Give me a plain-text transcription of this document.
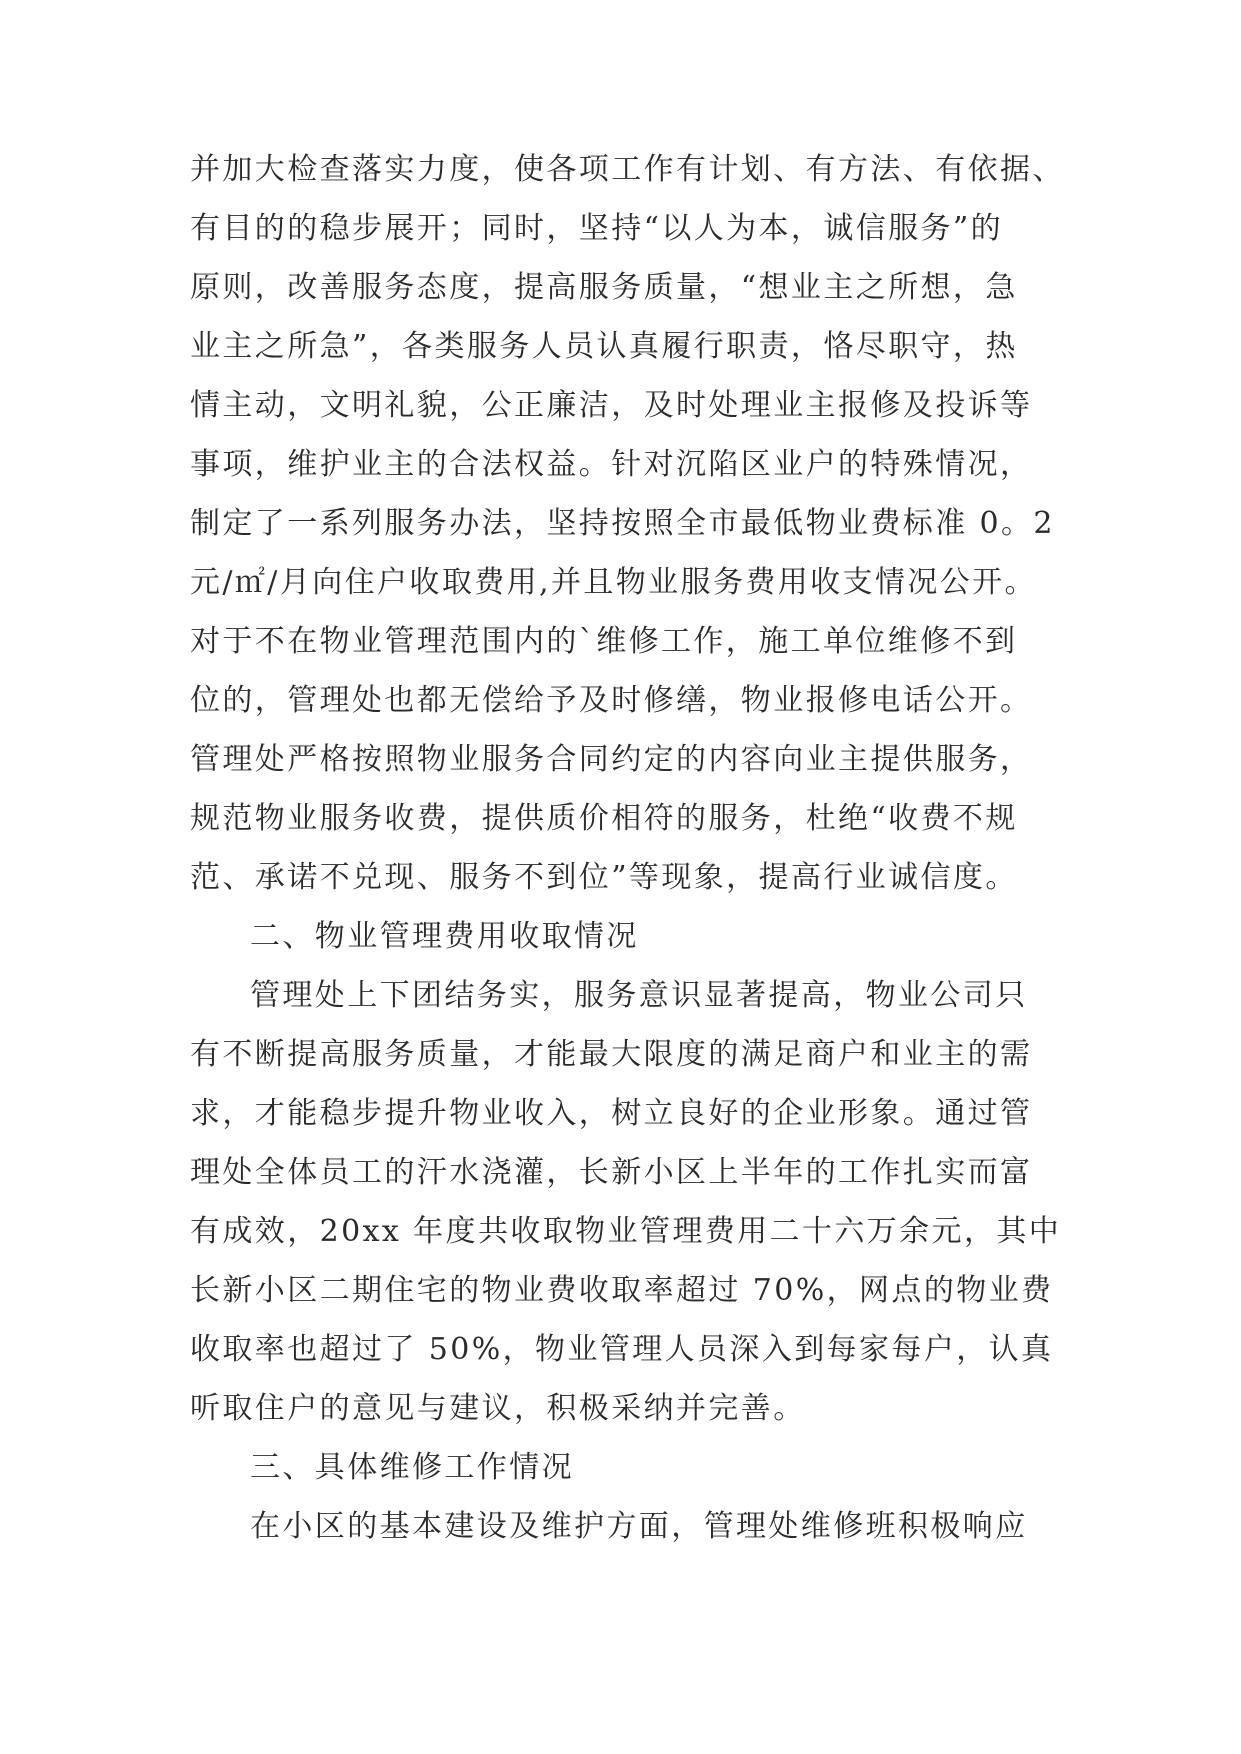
并加大检查落实力度，使各项工作有计划、有方法、有依据、
有目的的稳步展开；同时，坚持“以人为本，诚信服务”的
原则，改善服务态度，提高服务质量，“想业主之所想，急
业主之所急”，各类服务人员认真履行职责，恪尽职守，热
情主动，文明礼貌，公正廉洁，及时处理业主报修及投诉等
事项，维护业主的合法权益。针对沉陷区业户的特殊情况，
制定了一系列服务办法，坚持按照全市最低物业费标准 0。2
元/㎡/月向住户收取费用,并且物业服务费用收支情况公开。
对于不在物业管理范围内的`维修工作，施工单位维修不到
位的，管理处也都无偿给予及时修缮，物业报修电话公开。
管理处严格按照物业服务合同约定的内容向业主提供服务，
规范物业服务收费，提供质价相符的服务，杜绝“收费不规
范、承诺不兑现、服务不到位”等现象，提高行业诚信度。
二、物业管理费用收取情况
管理处上下团结务实，服务意识显著提高，物业公司只
有不断提高服务质量，才能最大限度的满足商户和业主的需
求，才能稳步提升物业收入，树立良好的企业形象。通过管
理处全体员工的汗水浇灌，长新小区上半年的工作扎实而富
有成效，20xx 年度共收取物业管理费用二十六万余元，其中
长新小区二期住宅的物业费收取率超过 70%，网点的物业费
收取率也超过了 50%，物业管理人员深入到每家每户，认真
听取住户的意见与建议，积极采纳并完善。
三、具体维修工作情况
在小区的基本建设及维护方面，管理处维修班积极响应
